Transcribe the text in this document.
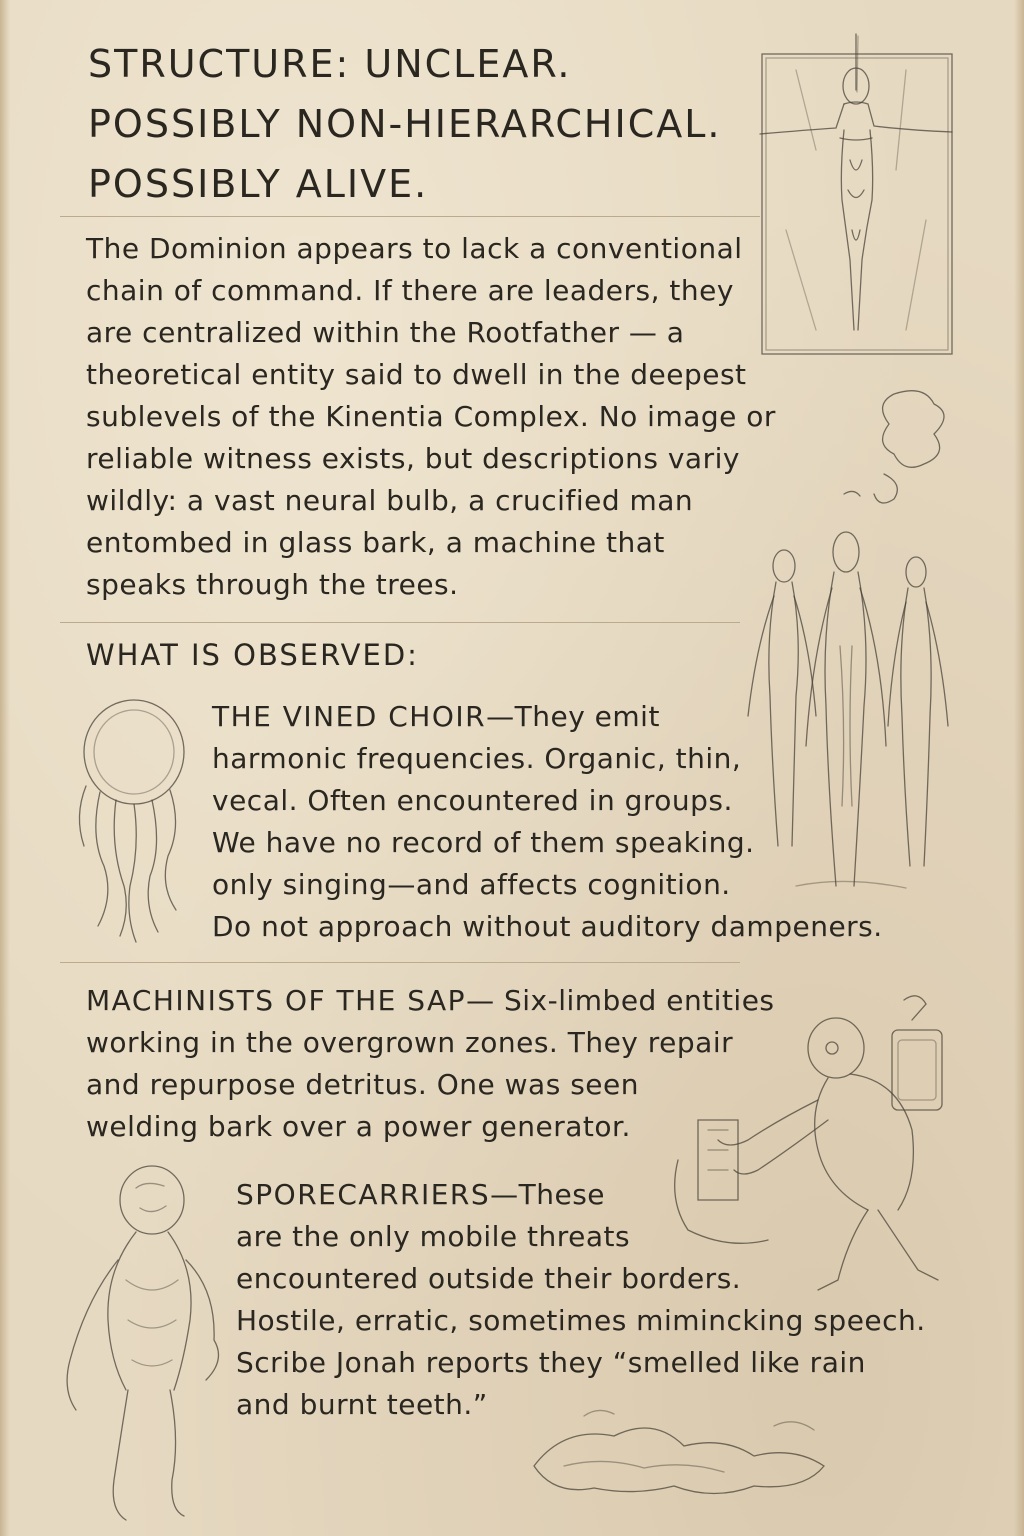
STRUCTURE: UNCLEAR.
POSSIBLY NON-HIERARCHICAL.
POSSIBLY ALIVE.
The Dominion appears to lack a conventional
chain of command. If there are leaders, they
are centralized within the Rootfather — a
theoretical entity said to dwell in the deepest
sublevels of the Kinentia Complex. No image or
reliable witness exists, but descriptions variy
wildly: a vast neural bulb, a crucified man
entombed in glass bark, a machine that
speaks through the trees.
WHAT IS OBSERVED:
THE VINED CHOIR—They emit
harmonic frequencies. Organic, thin,
vecal. Often encountered in groups.
We have no record of them speaking.
only singing—and affects cognition.
Do not approach without auditory dampeners.
MACHINISTS OF THE SAP— Six-limbed entities
working in the overgrown zones. They repair
and repurpose detritus. One was seen
welding bark over a power generator.
SPORECARRIERS—These
are the only mobile threats
encountered outside their borders.
Hostile, erratic, sometimes mimincking speech.
Scribe Jonah reports they “smelled like rain
and burnt teeth.”
